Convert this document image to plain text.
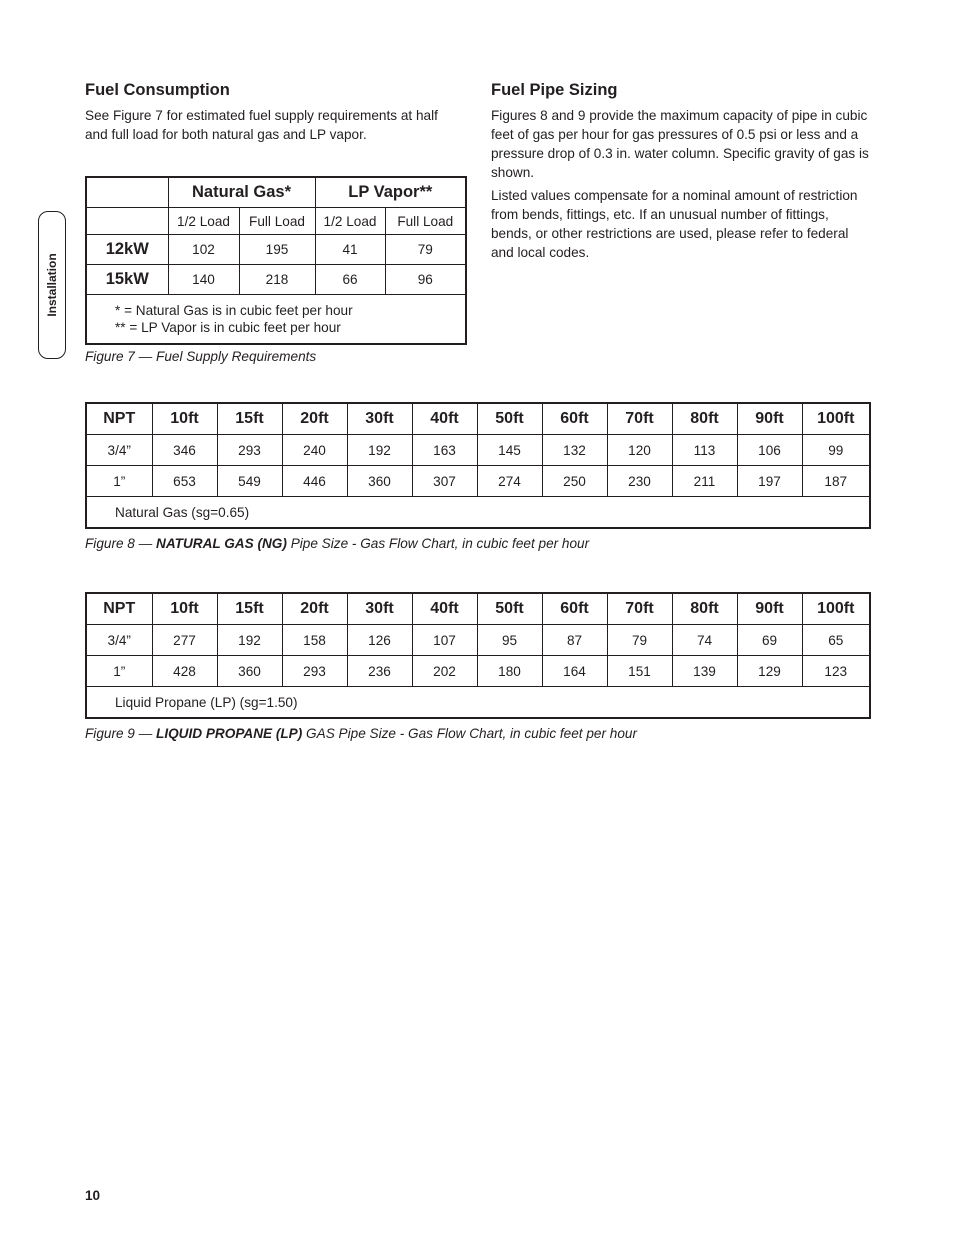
Installation
Fuel Consumption

See Figure 7 for estimated fuel supply requirements at half and full load for both natural gas and LP vapor.

	Natural Gas*		LP Vapor**	
	1/2 Load	Full Load	1/2 Load	Full Load
12kW	102	195	41	79
15kW	140	218	66	96

* = Natural Gas is in cubic feet per hour
** = LP Vapor is in cubic feet per hour				

Figure 7 — Fuel Supply Requirements

Fuel Pipe Sizing

Figures 8 and 9 provide the maximum capacity of pipe in cubic feet of gas per hour for gas pressures of 0.5 psi or less and a pressure drop of 0.3 in. water column. Specific gravity of gas is shown.

Listed values compensate for a nominal amount of restriction from bends, fittings, etc. If an unusual number of fittings, bends, or other restrictions are used, please refer to federal and local codes.

NPT	10ft	15ft	20ft	30ft	40ft	50ft	60ft	70ft	80ft	90ft	100ft
3/4”	346	293	240	192	163	145	132	120	113	106	99
1”	653	549	446	360	307	274	250	230	211	197	187
Natural Gas (sg=0.65)											

Figure 8 — NATURAL GAS (NG) Pipe Size - Gas Flow Chart, in cubic feet per hour

NPT	10ft	15ft	20ft	30ft	40ft	50ft	60ft	70ft	80ft	90ft	100ft
3/4”	277	192	158	126	107	95	87	79	74	69	65
1”	428	360	293	236	202	180	164	151	139	129	123
Liquid Propane (LP) (sg=1.50)											

Figure 9 — LIQUID PROPANE (LP) GAS Pipe Size - Gas Flow Chart, in cubic feet per hour

10
